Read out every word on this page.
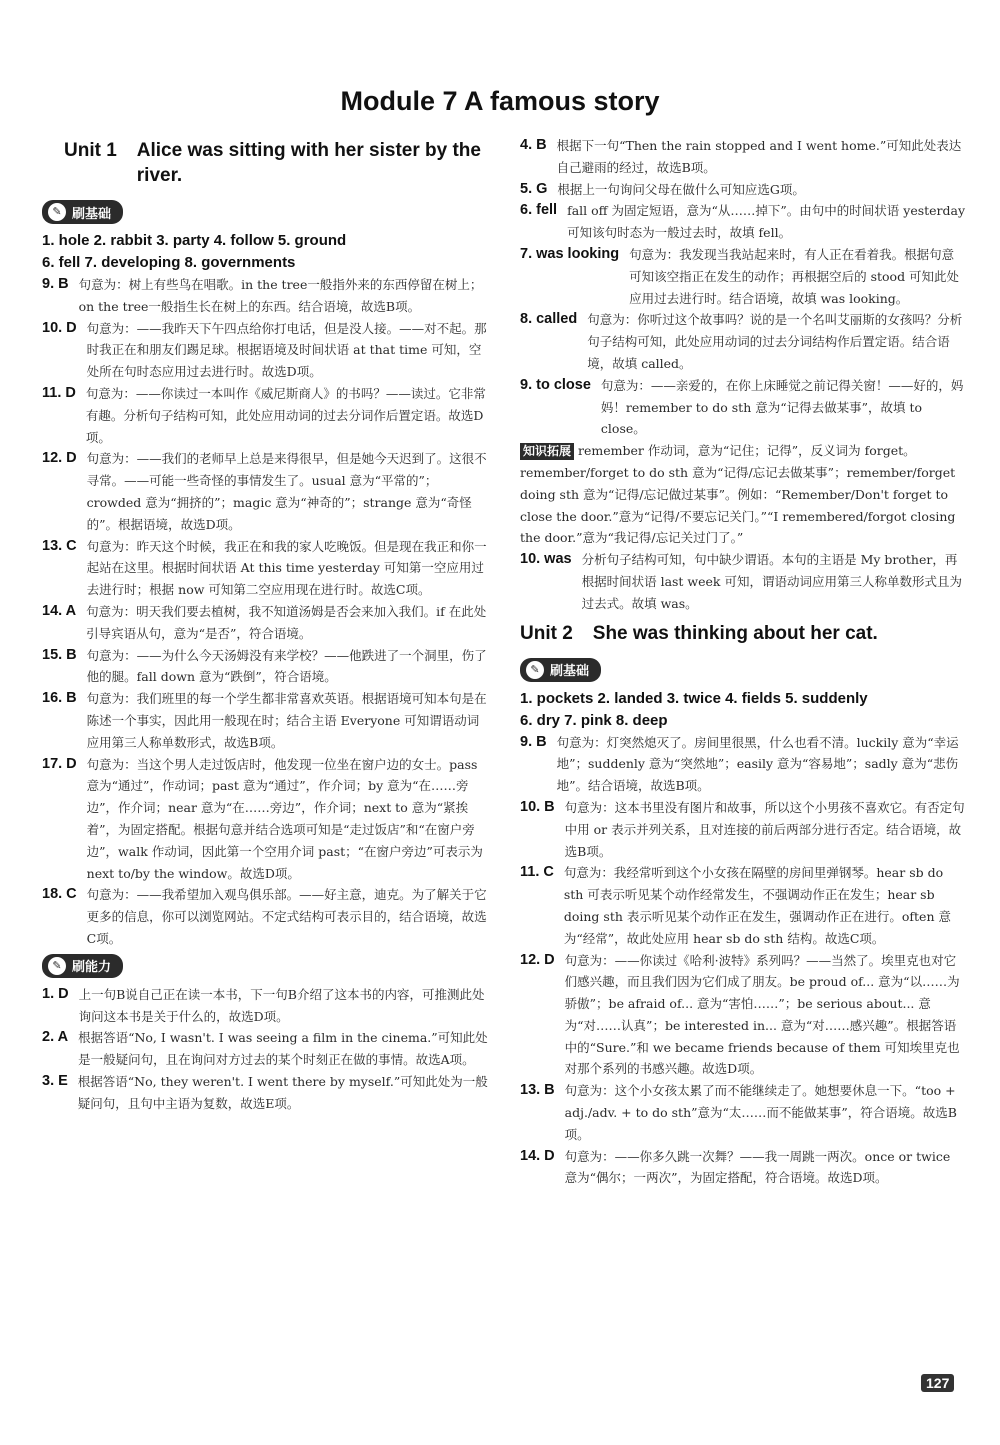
Module 7 A famous story
Unit 1	Alice was sitting with her sister by the river.
✎ 刷基础
1. hole 2. rabbit 3. party 4. follow 5. ground
6. fell 7. developing 8. governments
9. B 句意为：树上有些鸟在唱歌。in the tree一般指外来的东西停留在树上；on the tree一般指生长在树上的东西。结合语境，故选B项。
10. D 句意为：——我昨天下午四点给你打电话，但是没人接。——对不起。那时我正在和朋友们踢足球。根据语境及时间状语 at that time 可知，空处所在句时态应用过去进行时。故选D项。
11. D 句意为：——你读过一本叫作《威尼斯商人》的书吗？——读过。它非常有趣。分析句子结构可知，此处应用动词的过去分词作后置定语。故选D项。
12. D 句意为：——我们的老师早上总是来得很早，但是她今天迟到了。这很不寻常。——可能一些奇怪的事情发生了。usual 意为“平常的”；crowded 意为“拥挤的”；magic 意为“神奇的”；strange 意为“奇怪的”。根据语境，故选D项。
13. C 句意为：昨天这个时候，我正在和我的家人吃晚饭。但是现在我正和你一起站在这里。根据时间状语 At this time yesterday 可知第一空应用过去进行时；根据 now 可知第二空应用现在进行时。故选C项。
14. A 句意为：明天我们要去植树，我不知道汤姆是否会来加入我们。if 在此处引导宾语从句，意为“是否”，符合语境。
15. B 句意为：——为什么今天汤姆没有来学校？——他跌进了一个洞里，伤了他的腿。fall down 意为“跌倒”，符合语境。
16. B 句意为：我们班里的每一个学生都非常喜欢英语。根据语境可知本句是在陈述一个事实，因此用一般现在时；结合主语 Everyone 可知谓语动词应用第三人称单数形式，故选B项。
17. D 句意为：当这个男人走过饭店时，他发现一位坐在窗户边的女士。pass 意为“通过”，作动词；past 意为“通过”，作介词；by 意为“在……旁边”，作介词；near 意为“在……旁边”，作介词；next to 意为“紧挨着”，为固定搭配。根据句意并结合选项可知是“走过饭店”和“在窗户旁边”，walk 作动词，因此第一个空用介词 past；“在窗户旁边”可表示为 next to/by the window。故选D项。
18. C 句意为：——我希望加入观鸟俱乐部。——好主意，迪克。为了解关于它更多的信息，你可以浏览网站。不定式结构可表示目的，结合语境，故选C项。
✎ 刷能力
1. D 上一句B说自己正在读一本书，下一句B介绍了这本书的内容，可推测此处询问这本书是关于什么的，故选D项。
2. A 根据答语“No, I wasn't. I was seeing a film in the cinema.”可知此处是一般疑问句，且在询问对方过去的某个时刻正在做的事情。故选A项。
3. E 根据答语“No, they weren't. I went there by myself.”可知此处为一般疑问句，且句中主语为复数，故选E项。
4. B 根据下一句“Then the rain stopped and I went home.”可知此处表达自己避雨的经过，故选B项。
5. G 根据上一句询问父母在做什么可知应选G项。
6. fell fall off 为固定短语，意为“从……掉下”。由句中的时间状语 yesterday 可知该句时态为一般过去时，故填 fell。
7. was looking 句意为：我发现当我站起来时，有人正在看着我。根据句意可知该空指正在发生的动作；再根据空后的 stood 可知此处应用过去进行时。结合语境，故填 was looking。
8. called 句意为：你听过这个故事吗？说的是一个名叫艾丽斯的女孩吗？分析句子结构可知，此处应用动词的过去分词结构作后置定语。结合语境，故填 called。
9. to close 句意为：——亲爱的，在你上床睡觉之前记得关窗！——好的，妈妈！remember to do sth 意为“记得去做某事”，故填 to close。
知识拓展 remember 作动词，意为“记住；记得”，反义词为 forget。remember/forget to do sth 意为“记得/忘记去做某事”；remember/forget doing sth 意为“记得/忘记做过某事”。例如：“Remember/Don't forget to close the door.”意为“记得/不要忘记关门。”“I remembered/forgot closing the door.”意为“我记得/忘记关过门了。”
10. was 分析句子结构可知，句中缺少谓语。本句的主语是 My brother，再根据时间状语 last week 可知，谓语动词应用第三人称单数形式且为过去式。故填 was。
Unit 2	She was thinking about her cat.
✎ 刷基础
1. pockets 2. landed 3. twice 4. fields 5. suddenly
6. dry 7. pink 8. deep
9. B 句意为：灯突然熄灭了。房间里很黑，什么也看不清。luckily 意为“幸运地”；suddenly 意为“突然地”；easily 意为“容易地”；sadly 意为“悲伤地”。结合语境，故选B项。
10. B 句意为：这本书里没有图片和故事，所以这个小男孩不喜欢它。有否定句中用 or 表示并列关系，且对连接的前后两部分进行否定。结合语境，故选B项。
11. C 句意为：我经常听到这个小女孩在隔壁的房间里弹钢琴。hear sb do sth 可表示听见某个动作经常发生，不强调动作正在发生；hear sb doing sth 表示听见某个动作正在发生，强调动作正在进行。often 意为“经常”，故此处应用 hear sb do sth 结构。故选C项。
12. D 句意为：——你读过《哈利·波特》系列吗？——当然了。埃里克也对它们感兴趣，而且我们因为它们成了朋友。be proud of... 意为“以……为骄傲”；be afraid of... 意为“害怕……”；be serious about... 意为“对……认真”；be interested in... 意为“对……感兴趣”。根据答语中的“Sure.”和 we became friends because of them 可知埃里克也对那个系列的书感兴趣。故选D项。
13. B 句意为：这个小女孩太累了而不能继续走了。她想要休息一下。“too + adj./adv. + to do sth”意为“太……而不能做某事”，符合语境。故选B项。
14. D 句意为：——你多久跳一次舞？——我一周跳一两次。once or twice 意为“偶尔；一两次”，为固定搭配，符合语境。故选D项。
127
